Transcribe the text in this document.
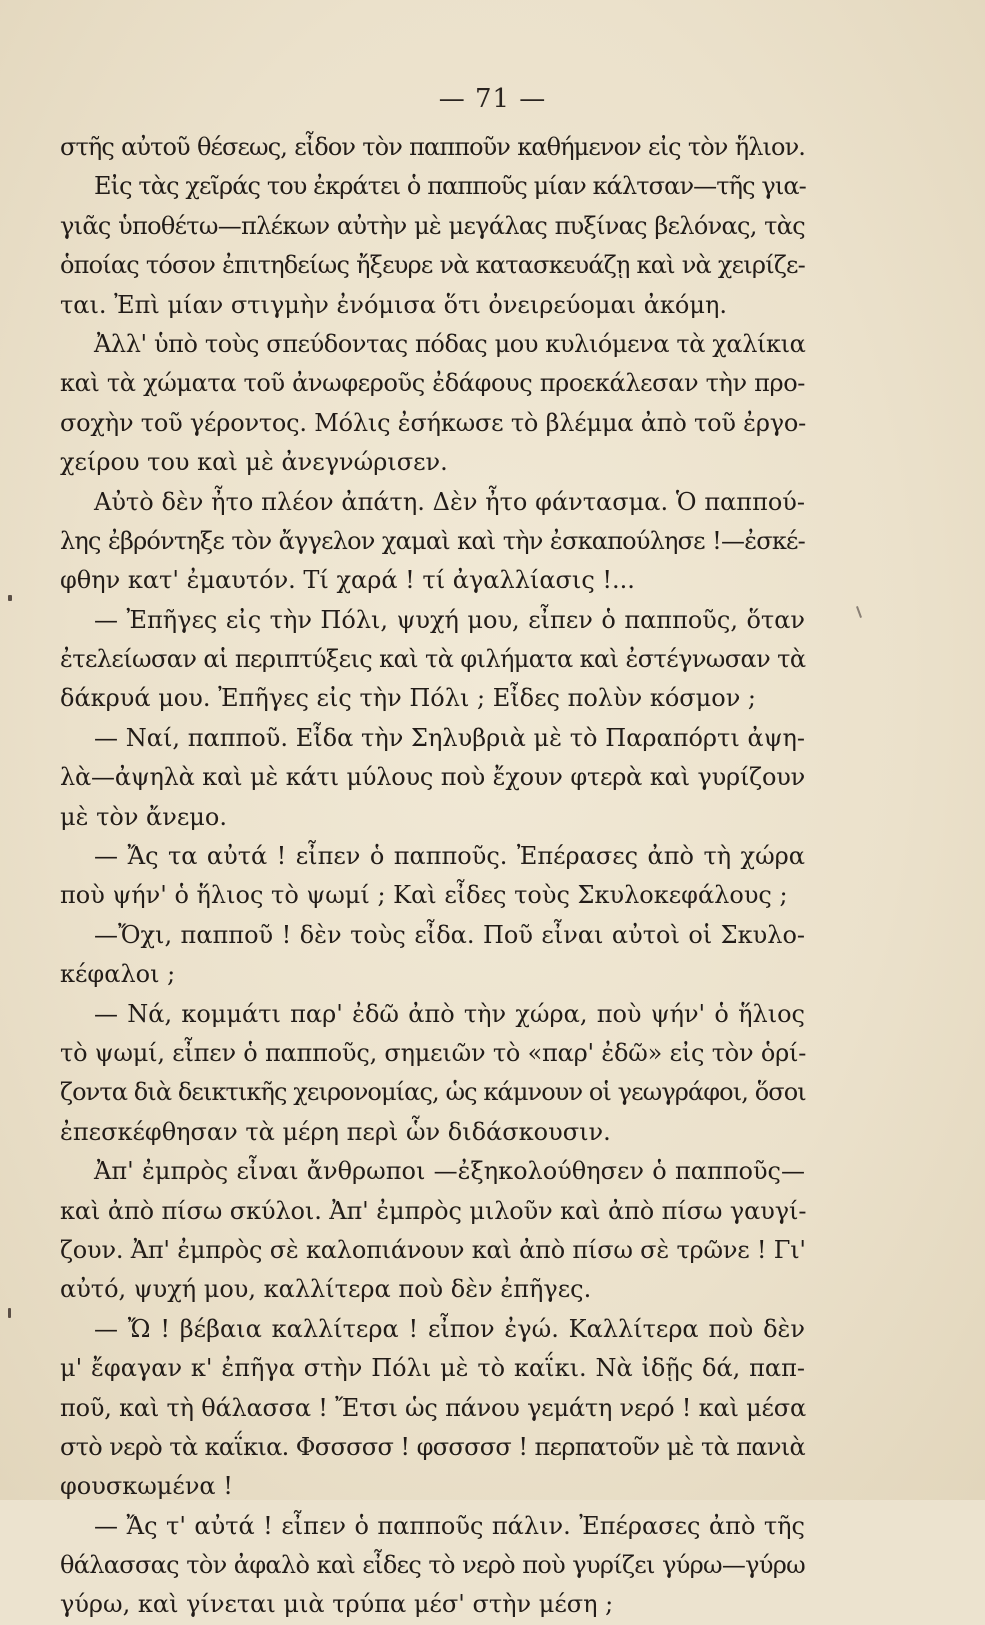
— 71 —
στῆς αὐτοῦ θέσεως, εἶδον τὸν παπποῦν καθήμενον εἰς τὸν ἥλιον.
Εἰς τὰς χεῖράς του ἐκράτει ὁ παπποῦς μίαν κάλτσαν—τῆς για-
γιᾶς ὑποθέτω—πλέκων αὐτὴν μὲ μεγάλας πυξίνας βελόνας, τὰς
ὁποίας τόσον ἐπιτηδείως ἤξευρε νὰ κατασκευάζῃ καὶ νὰ χειρίζε-
ται. Ἐπὶ μίαν στιγμὴν ἐνόμισα ὅτι ὀνειρεύομαι ἀκόμη.
Ἀλλ' ὑπὸ τοὺς σπεύδοντας πόδας μου κυλιόμενα τὰ χαλίκια
καὶ τὰ χώματα τοῦ ἀνωφεροῦς ἐδάφους προεκάλεσαν τὴν προ-
σοχὴν τοῦ γέροντος. Μόλις ἐσήκωσε τὸ βλέμμα ἀπὸ τοῦ ἐργο-
χείρου του καὶ μὲ ἀνεγνώρισεν.
Αὐτὸ δὲν ἦτο πλέον ἀπάτη. Δὲν ἦτο φάντασμα. Ὁ παππού-
λης ἐβρόντηξε τὸν ἄγγελον χαμαὶ καὶ τὴν ἐσκαπούλησε !—ἐσκέ-
φθην κατ' ἐμαυτόν. Τί χαρά ! τί ἀγαλλίασις !...
— Ἐπῆγες εἰς τὴν Πόλι, ψυχή μου, εἶπεν ὁ παπποῦς, ὅταν
ἐτελείωσαν αἱ περιπτύξεις καὶ τὰ φιλήματα καὶ ἐστέγνωσαν τὰ
δάκρυά μου. Ἐπῆγες εἰς τὴν Πόλι ; Εἶδες πολὺν κόσμον ;
— Ναί, παπποῦ. Εἶδα τὴν Σηλυβριὰ μὲ τὸ Παραπόρτι ἀψη-
λὰ—ἀψηλὰ καὶ μὲ κάτι μύλους ποὺ ἔχουν φτερὰ καὶ γυρίζουν
μὲ τὸν ἄνεμο.
— Ἄς τα αὐτά ! εἶπεν ὁ παπποῦς. Ἐπέρασες ἀπὸ τὴ χώρα
ποὺ ψήν' ὁ ἥλιος τὸ ψωμί ; Καὶ εἶδες τοὺς Σκυλοκεφάλους ;
—Ὄχι, παπποῦ ! δὲν τοὺς εἶδα. Ποῦ εἶναι αὐτοὶ οἱ Σκυλο-
κέφαλοι ;
— Νά, κομμάτι παρ' ἐδῶ ἀπὸ τὴν χώρα, ποὺ ψήν' ὁ ἥλιος
τὸ ψωμί, εἶπεν ὁ παπποῦς, σημειῶν τὸ «παρ' ἐδῶ» εἰς τὸν ὁρί-
ζοντα διὰ δεικτικῆς χειρονομίας, ὡς κάμνουν οἱ γεωγράφοι, ὅσοι
ἐπεσκέφθησαν τὰ μέρη περὶ ὧν διδάσκουσιν.
Ἀπ' ἐμπρὸς εἶναι ἄνθρωποι —ἐξηκολούθησεν ὁ παπποῦς—
καὶ ἀπὸ πίσω σκύλοι. Ἀπ' ἐμπρὸς μιλοῦν καὶ ἀπὸ πίσω γαυγί-
ζουν. Ἀπ' ἐμπρὸς σὲ καλοπιάνουν καὶ ἀπὸ πίσω σὲ τρῶνε ! Γι'
αὐτό, ψυχή μου, καλλίτερα ποὺ δὲν ἐπῆγες.
— Ὤ ! βέβαια καλλίτερα ! εἶπον ἐγώ. Καλλίτερα ποὺ δὲν
μ' ἔφαγαν κ' ἐπῆγα στὴν Πόλι μὲ τὸ καΐκι. Νὰ ἰδῇς δά, παπ-
ποῦ, καὶ τὴ θάλασσα ! Ἔτσι ὡς πάνου γεμάτη νερό ! καὶ μέσα
στὸ νερὸ τὰ καΐκια. Φσσσσσ ! φσσσσσ ! περπατοῦν μὲ τὰ πανιὰ
φουσκωμένα !
— Ἄς τ' αὐτά ! εἶπεν ὁ παπποῦς πάλιν. Ἐπέρασες ἀπὸ τῆς
θάλασσας τὸν ἀφαλὸ καὶ εἶδες τὸ νερὸ ποὺ γυρίζει γύρω—γύρω
γύρω, καὶ γίνεται μιὰ τρύπα μέσ' στὴν μέση ;
